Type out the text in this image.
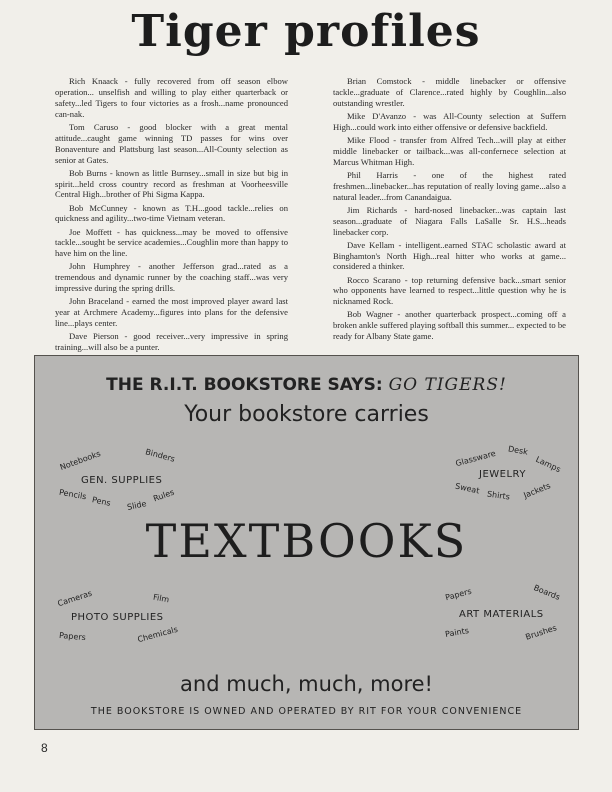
Tiger profiles

Rich Knaack - fully recovered from off season elbow operation... unselfish and willing to play either quarterback or safety...led Tigers to four victories as a frosh...name pronounced can-nak.

Tom Caruso - good blocker with a great mental attitude...caught game winning TD passes for wins over Bonaventure and Plattsburg last season...All-County selection as senior at Gates.

Bob Burns - known as little Burnsey...small in size but big in spirit...held cross country record as freshman at Voorheesville Central High...brother of Phi Sigma Kappa.

Bob McCunney - known as T.H...good tackle...relies on quickness and agility...two-time Vietnam veteran.

Joe Moffett - has quickness...may be moved to offensive tackle...sought be service academies...Coughlin more than happy to have him on the line.

John Humphrey - another Jefferson grad...rated as a tremendous and dynamic runner by the coaching staff...was very impressive during the spring drills.

John Braceland - earned the most improved player award last year at Archmere Academy...figures into plans for the defensive line...plays center.

Dave Pierson - good receiver...very impressive in spring training...will also be a punter.

Brian Comstock - middle linebacker or offensive tackle...graduate of Clarence...rated highly by Coughlin...also outstanding wrestler.

Mike D'Avanzo - was All-County selection at Suffern High...could work into either offensive or defensive backfield.

Mike Flood - transfer from Alfred Tech...will play at either middle linebacker or tailback...was all-confernece selection at Marcus Whitman High.

Phil Harris - one of the highest rated freshmen...linebacker...has reputation of really loving game...also a natural leader...from Canandaiguа.

Jim Richards - hard-nosed linebacker...was captain last season...graduate of Niagara Falls LaSalle Sr. H.S...heads linebacker corp.

Dave Kellam - intelligent..earned STAC scholastic award at Binghamton's North High...real hitter who works at game... considered a thinker.

Rocco Scarano - top returning defensive back...smart senior who opponents have learned to respect...little question why he is nicknamed Rock.

Bob Wagner - another quarterback prospect...coming off a broken ankle suffered playing softball this summer... expected to be ready for Albany State game.

THE R.I.T. BOOKSTORE SAYS: GO TIGERS!
Your bookstore carries
Notebooks	Binders
GEN. SUPPLIES
Pencils
Pens Slide
Rules
Glassware Desk
Lamps
JEWELRY
Sweat
Shirts Jackets
TEXTBOOKS
Cameras	Film
PHOTO SUPPLIES
Papers	Chemicals
Papers	Boards
ART MATERIALS
Paints	Brushes
and much, much, more!
THE BOOKSTORE IS OWNED AND OPERATED BY RIT FOR YOUR CONVENIENCE
8
